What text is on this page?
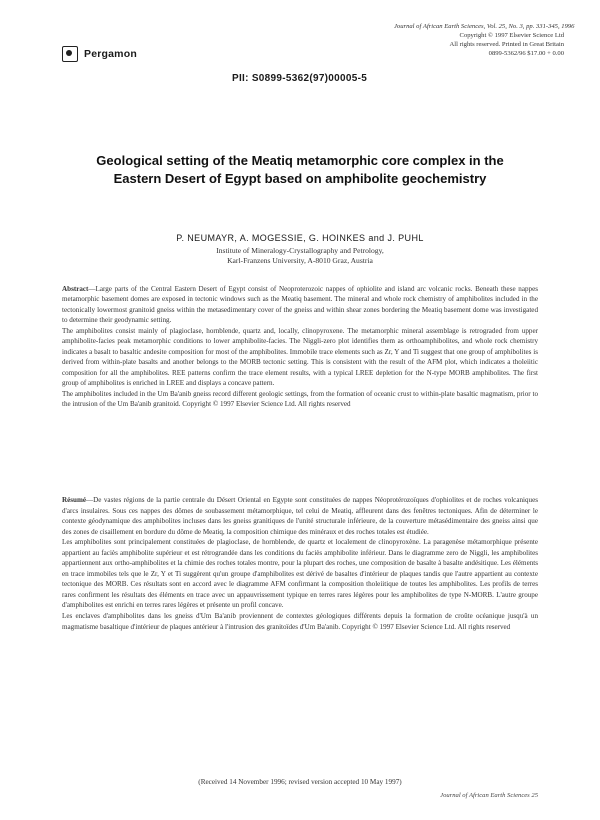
Pergamon
PII: S0899-5362(97)00005-5
Journal of African Earth Sciences, Vol. 25, No. 3, pp. 331-345, 1996
Copyright © 1997 Elsevier Science Ltd
All rights reserved. Printed in Great Britain
0899-5362/96 $17.00 + 0.00
Geological setting of the Meatiq metamorphic core complex in the Eastern Desert of Egypt based on amphibolite geochemistry
P. NEUMAYR, A. MOGESSIE, G. HOINKES and J. PUHL
Institute of Mineralogy-Crystallography and Petrology,
Karl-Franzens University, A-8010 Graz, Austria

Abstract—Large parts of the Central Eastern Desert of Egypt consist of Neoproterozoic nappes of ophiolite and island arc volcanic rocks. Beneath these nappes metamorphic basement domes are exposed in tectonic windows such as the Meatiq basement. The mineral and whole rock chemistry of amphibolites included in the tectonically lowermost granitoid gneiss within the metasedimentary cover of the gneiss and within shear zones bordering the Meatiq basement dome was investigated to determine their geodynamic setting.

The amphibolites consist mainly of plagioclase, hornblende, quartz and, locally, clinopyroxene. The metamorphic mineral assemblage is retrograded from upper amphibolite-facies peak metamorphic conditions to lower amphibolite-facies. The Niggli-zero plot identifies them as orthoamphibolites, and whole rock chemistry indicates a basalt to basaltic andesite composition for most of the amphibolites. Immobile trace elements such as Zr, Y and Ti suggest that one group of amphibolites is derived from within-plate basalts and another belongs to the MORB tectonic setting. This is consistent with the result of the AFM plot, which indicates a tholeiitic composition for all the amphibolites. REE patterns confirm the trace element results, with a typical LREE depletion for the N-type MORB amphibolites. The first group of amphibolites is enriched in LREE and displays a concave pattern.

The amphibolites included in the Um Ba'anib gneiss record different geologic settings, from the formation of oceanic crust to within-plate basaltic magmatism, prior to the intrusion of the Um Ba'anib granitoid. Copyright © 1997 Elsevier Science Ltd. All rights reserved

Résumé—De vastes régions de la partie centrale du Désert Oriental en Egypte sont constituées de nappes Néoprotérozoïques d'ophiolites et de roches volcaniques d'arcs insulaires. Sous ces nappes des dômes de soubassement métamorphique, tel celui de Meatiq, affleurent dans des fenêtres tectoniques. Afin de déterminer le contexte géodynamique des amphibolites incluses dans les gneiss granitiques de l'unité structurale inférieure, de la couverture métasédimentaire des gneiss ainsi que des zones de cisaillement en bordure du dôme de Meatiq, la composition chimique des minéraux et des roches totales est étudiée.

Les amphibolites sont principalement constituées de plagioclase, de hornblende, de quartz et localement de clinopyroxène. La paragenèse métamorphique présente appartient au faciès amphibolite supérieur et est rétrograndée dans les conditions du faciès amphibolite inférieur. Dans le diagramme zero de Niggli, les amphibolites appartiennent aux ortho-amphibolites et la chimie des roches totales montre, pour la plupart des roches, une composition de basalte à basalte andésitique. Les éléments en trace immobiles tels que le Zr, Y et Ti suggèrent qu'un groupe d'amphibolites est dérivé de basaltes d'intérieur de plaques tandis que l'autre appartient au contexte tectonique des MORB. Ces résultats sont en accord avec le diagramme AFM confirmant la composition tholeiitique de toutes les amphibolites. Les profils de terres rares confirment les résultats des éléments en trace avec un appauvrissement typique en terres rares légères pour les amphibolites de type N-MORB. L'autre groupe d'amphibolites est enrichi en terres rares légères et présente un profil concave.

Les enclaves d'amphibolites dans les gneiss d'Um Ba'anib proviennent de contextes géologiques différents depuis la formation de croûte océanique jusqu'à un magmatisme basaltique d'intérieur de plaques antérieur à l'intrusion des granitoïdes d'Um Ba'anib. Copyright © 1997 Elsevier Science Ltd. All rights reserved

(Received 14 November 1996; revised version accepted 10 May 1997)
Journal of African Earth Sciences 25
